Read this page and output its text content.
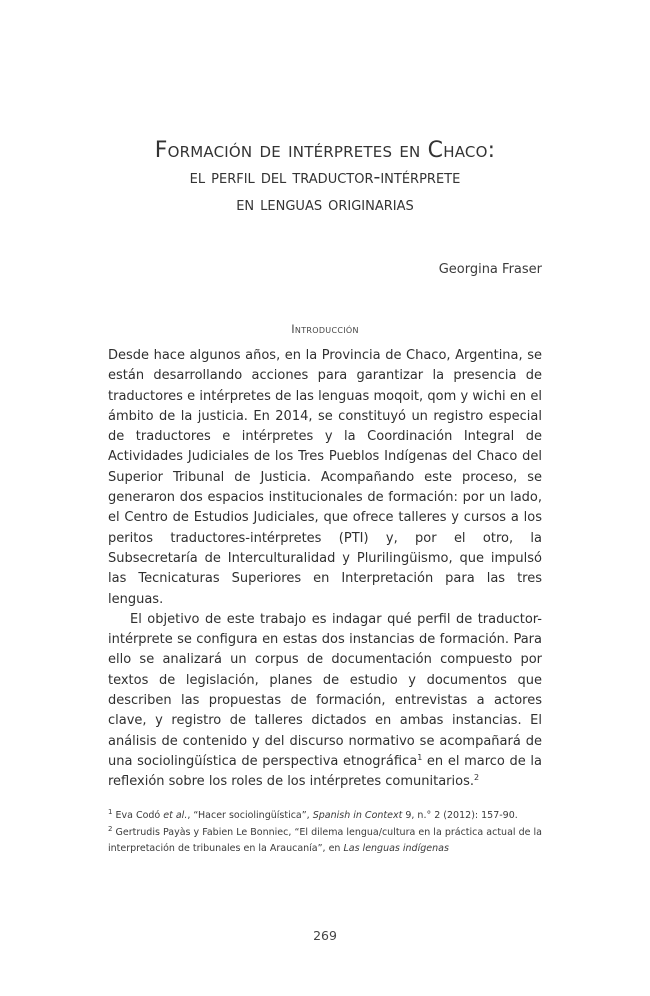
Formación de intérpretes en Chaco:
el perfil del traductor-intérprete
en lenguas originarias
Georgina Fraser
Introducción

Desde hace algunos años, en la Provincia de Chaco, Argentina, se están desarrollando acciones para garantizar la presencia de traductores e intérpretes de las lenguas moqoit, qom y wichi en el ámbito de la justicia. En 2014, se constituyó un registro especial de traductores e intérpretes y la Coordinación Integral de Actividades Judiciales de los Tres Pueblos Indígenas del Chaco del Superior Tribunal de Justicia. Acompañando este proceso, se generaron dos espacios institucionales de formación: por un lado, el Centro de Estudios Judiciales, que ofrece talleres y cursos a los peritos traductores-intérpretes (PTI) y, por el otro, la Subsecretaría de Interculturalidad y Plurilingüismo, que impulsó las Tecnicaturas Superiores en Interpretación para las tres lenguas.

El objetivo de este trabajo es indagar qué perfil de traductor-intérprete se configura en estas dos instancias de formación. Para ello se analizará un corpus de documentación compuesto por textos de legislación, planes de estudio y documentos que describen las propuestas de formación, entrevistas a actores clave, y registro de talleres dictados en ambas instancias. El análisis de contenido y del discurso normativo se acompañará de una sociolingüística de perspectiva etnográfica$^1$ en el marco de la reflexión sobre los roles de los intérpretes comunitarios.$^2$

$^1$ Eva Codó et al., “Hacer sociolingüística”, Spanish in Context 9, n.° 2 (2012): 157-90.

$^2$ Gertrudis Payàs y Fabien Le Bonniec, “El dilema lengua/cultura en la práctica actual de la interpretación de tribunales en la Araucanía”, en Las lenguas indígenas

269
